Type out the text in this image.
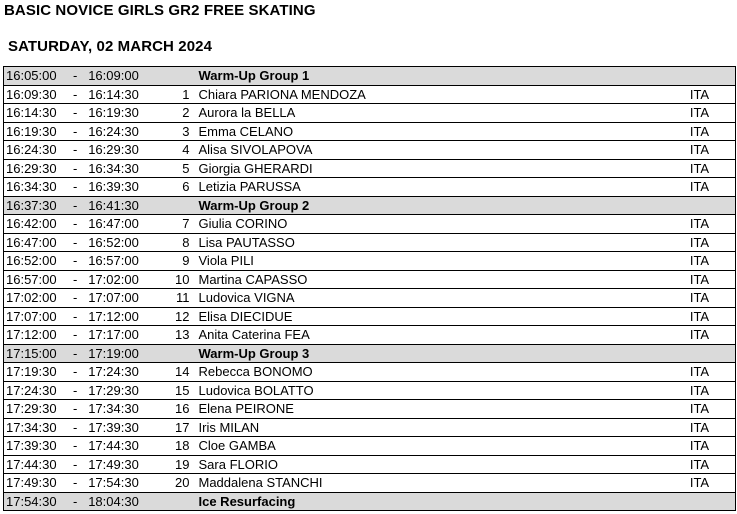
BASIC NOVICE GIRLS GR2 FREE SKATING
SATURDAY, 02 MARCH 2024
16:05:00	-	16:09:00		Warm-Up Group 1	
16:09:30	-	16:14:30	1	Chiara PARIONA MENDOZA	ITA
16:14:30	-	16:19:30	2	Aurora la BELLA	ITA
16:19:30	-	16:24:30	3	Emma CELANO	ITA
16:24:30	-	16:29:30	4	Alisa SIVOLAPOVA	ITA
16:29:30	-	16:34:30	5	Giorgia GHERARDI	ITA
16:34:30	-	16:39:30	6	Letizia PARUSSA	ITA
16:37:30	-	16:41:30		Warm-Up Group 2	
16:42:00	-	16:47:00	7	Giulia CORINO	ITA
16:47:00	-	16:52:00	8	Lisa PAUTASSO	ITA
16:52:00	-	16:57:00	9	Viola PILI	ITA
16:57:00	-	17:02:00	10	Martina CAPASSO	ITA
17:02:00	-	17:07:00	11	Ludovica VIGNA	ITA
17:07:00	-	17:12:00	12	Elisa DIECIDUE	ITA
17:12:00	-	17:17:00	13	Anita Caterina FEA	ITA
17:15:00	-	17:19:00		Warm-Up Group 3	
17:19:30	-	17:24:30	14	Rebecca BONOMO	ITA
17:24:30	-	17:29:30	15	Ludovica BOLATTO	ITA
17:29:30	-	17:34:30	16	Elena PEIRONE	ITA
17:34:30	-	17:39:30	17	Iris MILAN	ITA
17:39:30	-	17:44:30	18	Cloe GAMBA	ITA
17:44:30	-	17:49:30	19	Sara FLORIO	ITA
17:49:30	-	17:54:30	20	Maddalena STANCHI	ITA
17:54:30	-	18:04:30		Ice Resurfacing	
